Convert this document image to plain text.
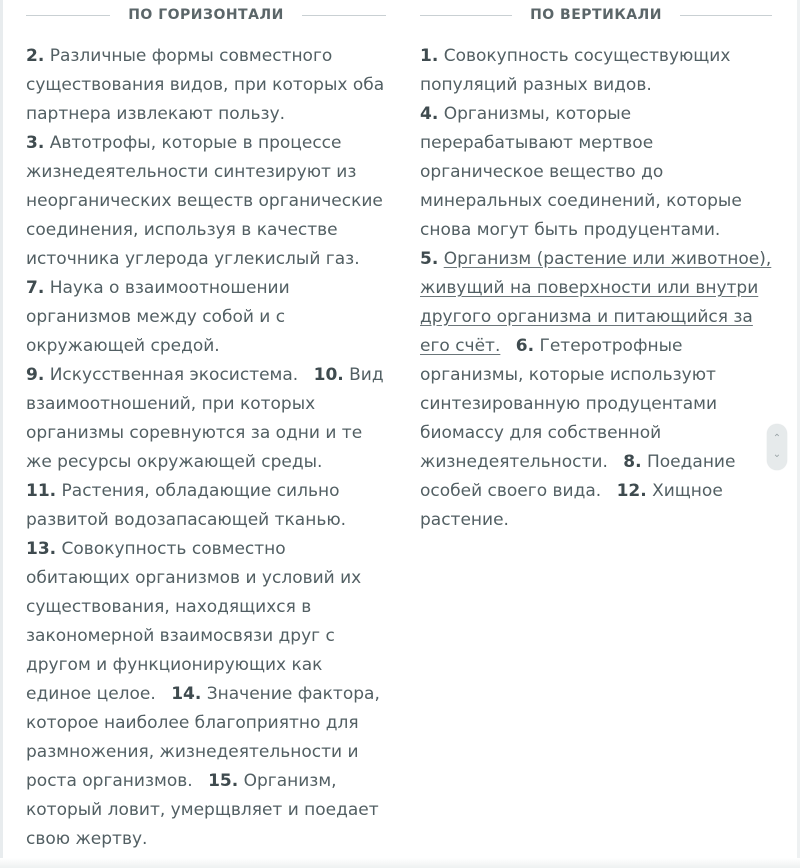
ПО ГОРИЗОНТАЛИ
2. Различные формы совместного существования видов, при которых оба партнера извлекают пользу.
3. Автотрофы, которые в процессе жизнедеятельности синтезируют из неорганических веществ органические соединения, используя в качестве источника углерода углекислый газ.
7. Наука о взаимоотношении организмов между собой и с окружающей средой.
9. Искусственная экосистема. 10. Вид взаимоотношений, при которых организмы соревнуются за одни и те же ресурсы окружающей среды.
11. Растения, обладающие сильно развитой водозапасающей тканью.
13. Совокупность совместно обитающих организмов и условий их существования, находящихся в закономерной взаимосвязи друг с другом и функционирующих как единое целое. 14. Значение фактора, которое наиболее благоприятно для размножения, жизнедеятельности и роста организмов. 15. Организм, который ловит, умерщвляет и поедает свою жертву.
ПО ВЕРТИКАЛИ
1. Совокупность сосуществующих популяций разных видов.
4. Организмы, которые перерабатывают мертвое органическое вещество до минеральных соединений, которые снова могут быть продуцентами.
5. Организм (растение или животное), живущий на поверхности или внутри другого организма и питающийся за его счёт. 6. Гетеротрофные организмы, которые используют синтезированную продуцентами биомассу для собственной жизнедеятельности. 8. Поедание особей своего вида. 12. Хищное растение.
⌃
⌄
